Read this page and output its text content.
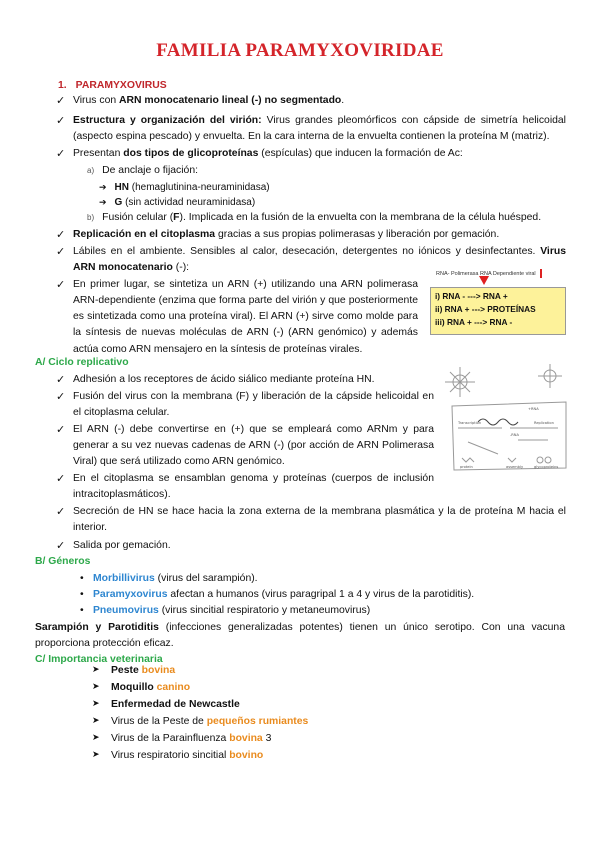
FAMILIA PARAMYXOVIRIDAE
1. PARAMYXOVIRUS
✓ Virus con ARN monocatenario lineal (-) no segmentado.
✓ Estructura y organización del virión: Virus grandes pleomórficos con cápside de simetría helicoidal (aspecto espina pescado) y envuelta. En la cara interna de la envuelta contienen la proteína M (matriz).
✓ Presentan dos tipos de glicoproteínas (espículas) que inducen la formación de Ac:
a) De anclaje o fijación:
➔ HN (hemaglutinina-neuraminidasa)
➔ G (sin actividad neuraminidasa)
b) Fusión celular (F). Implicada en la fusión de la envuelta con la membrana de la célula huésped.
✓ Replicación en el citoplasma gracias a sus propias polimerasas y liberación por gemación.
✓ Lábiles en el ambiente. Sensibles al calor, desecación, detergentes no iónicos y desinfectantes. Virus ARN monocatenario (-):
✓ En primer lugar, se sintetiza un ARN (+) utilizando una ARN polimerasa ARN-dependiente (enzima que forma parte del virión y que posteriormente es sintetizada como una proteína viral). El ARN (+) sirve como molde para la síntesis de nuevas moléculas de ARN (-) (ARN genómico) y además actúa como ARN mensajero en la síntesis de proteínas virales.
RNA- Polimerasa RNA Dependiente viral
i) RNA - ---> RNA +
ii) RNA + ---> PROTEÍNAS
iii) RNA + ---> RNA -
A/ Ciclo replicativo
✓ Adhesión a los receptores de ácido siálico mediante proteína HN.
✓ Fusión del virus con la membrana (F) y liberación de la cápside helicoidal en el citoplasma celular.
✓ El ARN (-) debe convertirse en (+) que se empleará como ARNm y para generar a su vez nuevas cadenas de ARN (-) (por acción de ARN Polimerasa Viral) que será utilizado como ARN genómico.
✓ En el citoplasma se ensamblan genoma y proteínas (cuerpos de inclusión intracitoplasmáticos).
✓ Secreción de HN se hace hacia la zona externa de la membrana plasmática y la de proteína M hacia el interior.
✓ Salida por gemación.
Transcription	Replication
+RNA
-RNA
protein	assembly	glycoproteins
B/ Géneros
• Morbillivirus (virus del sarampión).
• Paramyxovirus afectan a humanos (virus paragripal 1 a 4 y virus de la parotiditis).
• Pneumovirus (virus sincitial respiratorio y metaneumovirus)
Sarampión y Parotiditis (infecciones generalizadas potentes) tienen un único serotipo. Con una vacuna proporciona protección eficaz.
C/ Importancia veterinaria
➤ Peste bovina
➤ Moquillo canino
➤ Enfermedad de Newcastle
➤ Virus de la Peste de pequeños rumiantes
➤ Virus de la Parainfluenza bovina 3
➤ Virus respiratorio sincitial bovino
